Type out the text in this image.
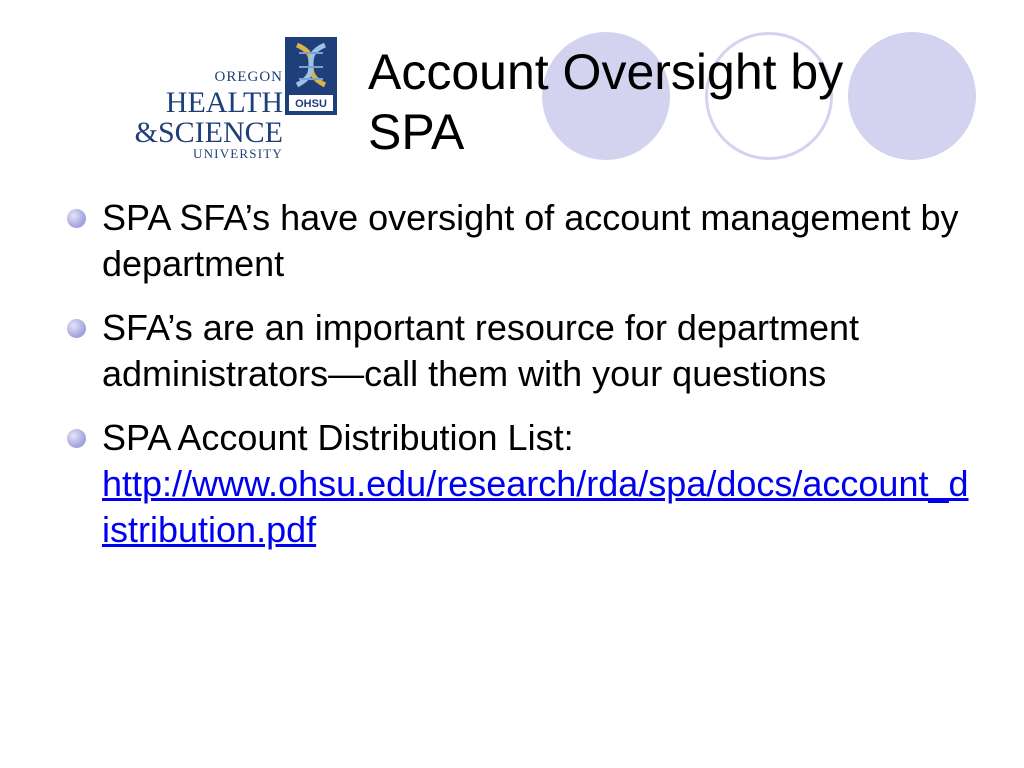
OREGON
HEALTH
&SCIENCE
UNIVERSITY
OHSU
Account Oversight by SPA
SPA SFA’s have oversight of account management by department
SFA’s are an important resource for department administrators—call them with your questions
SPA Account Distribution List:
http://www.ohsu.edu/research/rda/spa/docs/account_distribution.pdf
